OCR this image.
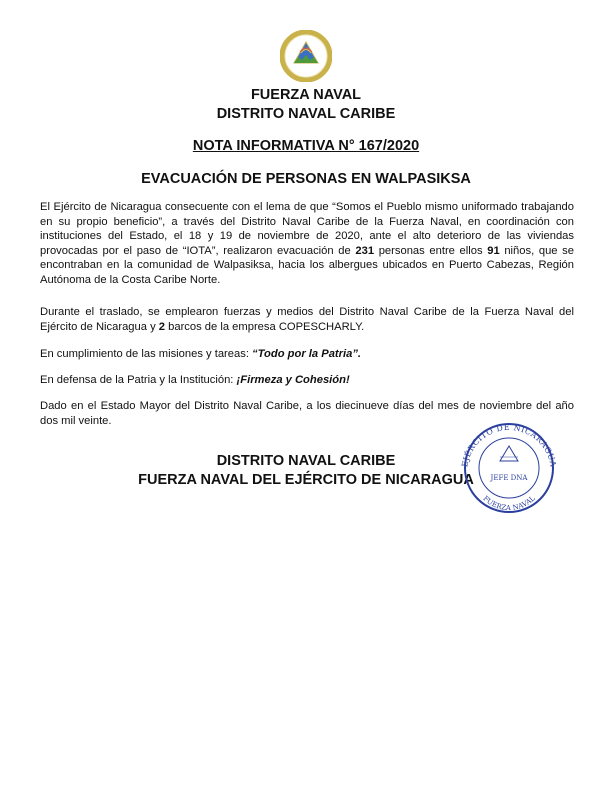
FUERZA NAVAL
DISTRITO NAVAL CARIBE
NOTA INFORMATIVA N° 167/2020
EVACUACIÓN DE PERSONAS EN WALPASIKSA

El Ejército de Nicaragua consecuente con el lema de que “Somos el Pueblo mismo uniformado trabajando en su propio beneficio”, a través del Distrito Naval Caribe de la Fuerza Naval, en coordinación con instituciones del Estado, el 18 y 19 de noviembre de 2020, ante el alto deterioro de las viviendas provocadas por el paso de “IOTA”, realizaron evacuación de 231 personas entre ellos 91 niños, que se encontraban en la comunidad de Walpasiksa, hacia los albergues ubicados en Puerto Cabezas, Región Autónoma de la Costa Caribe Norte.

Durante el traslado, se emplearon fuerzas y medios del Distrito Naval Caribe de la Fuerza Naval del Ejército de Nicaragua y 2 barcos de la empresa COPESCHARLY.

En cumplimiento de las misiones y tareas: “Todo por la Patria”.

En defensa de la Patria y la Institución: ¡Firmeza y Cohesión!

Dado en el Estado Mayor del Distrito Naval Caribe, a los diecinueve días del mes de noviembre del año dos mil veinte.

DISTRITO NAVAL CARIBE
FUERZA NAVAL DEL EJÉRCITO DE NICARAGUA
EJÉRCITO DE NICARAGUA
FUERZA NAVAL
JEFE DNA
